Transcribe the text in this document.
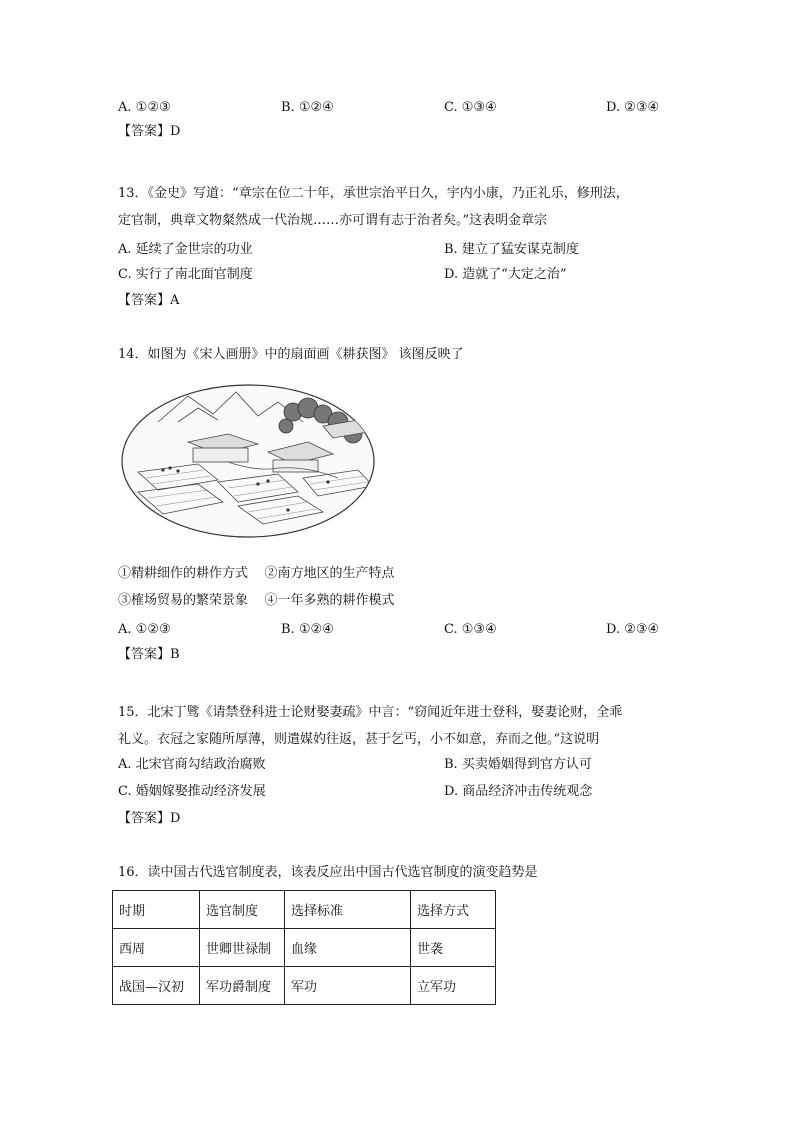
A. ①②③	B. ①②④	C. ①③④	D. ②③④
【答案】D
13．《金史》写道：“章宗在位二十年，承世宗治平日久，宇内小康，乃正礼乐，修刑法，
定官制，典章文物粲然成一代治规……亦可谓有志于治者矣。”这表明金章宗
A. 延续了金世宗的功业	B. 建立了猛安谋克制度
C. 实行了南北面官制度	D. 造就了“大定之治”
【答案】A
14．如图为《宋人画册》中的扇面画《耕获图》 该图反映了
①精耕细作的耕作方式 ②南方地区的生产特点
③榷场贸易的繁荣景象 ④一年多熟的耕作模式
A. ①②③	B. ①②④	C. ①③④	D. ②③④
【答案】B
15．北宋丁骘《请禁登科进士论财娶妻疏》中言：“窃闻近年进士登科，娶妻论财，全乖
礼义。衣冠之家随所厚薄，则遣媒妁往返，甚于乞丐，小不如意，弃而之他。”这说明
A. 北宋官商勾结政治腐败	B. 买卖婚姻得到官方认可
C. 婚姻嫁娶推动经济发展	D. 商品经济冲击传统观念
【答案】D
16．读中国古代选官制度表，该表反应出中国古代选官制度的演变趋势是
时期	选官制度	选择标准	选择方式
西周	世卿世禄制	血缘	世袭
战国—汉初	军功爵制度	军功	立军功
